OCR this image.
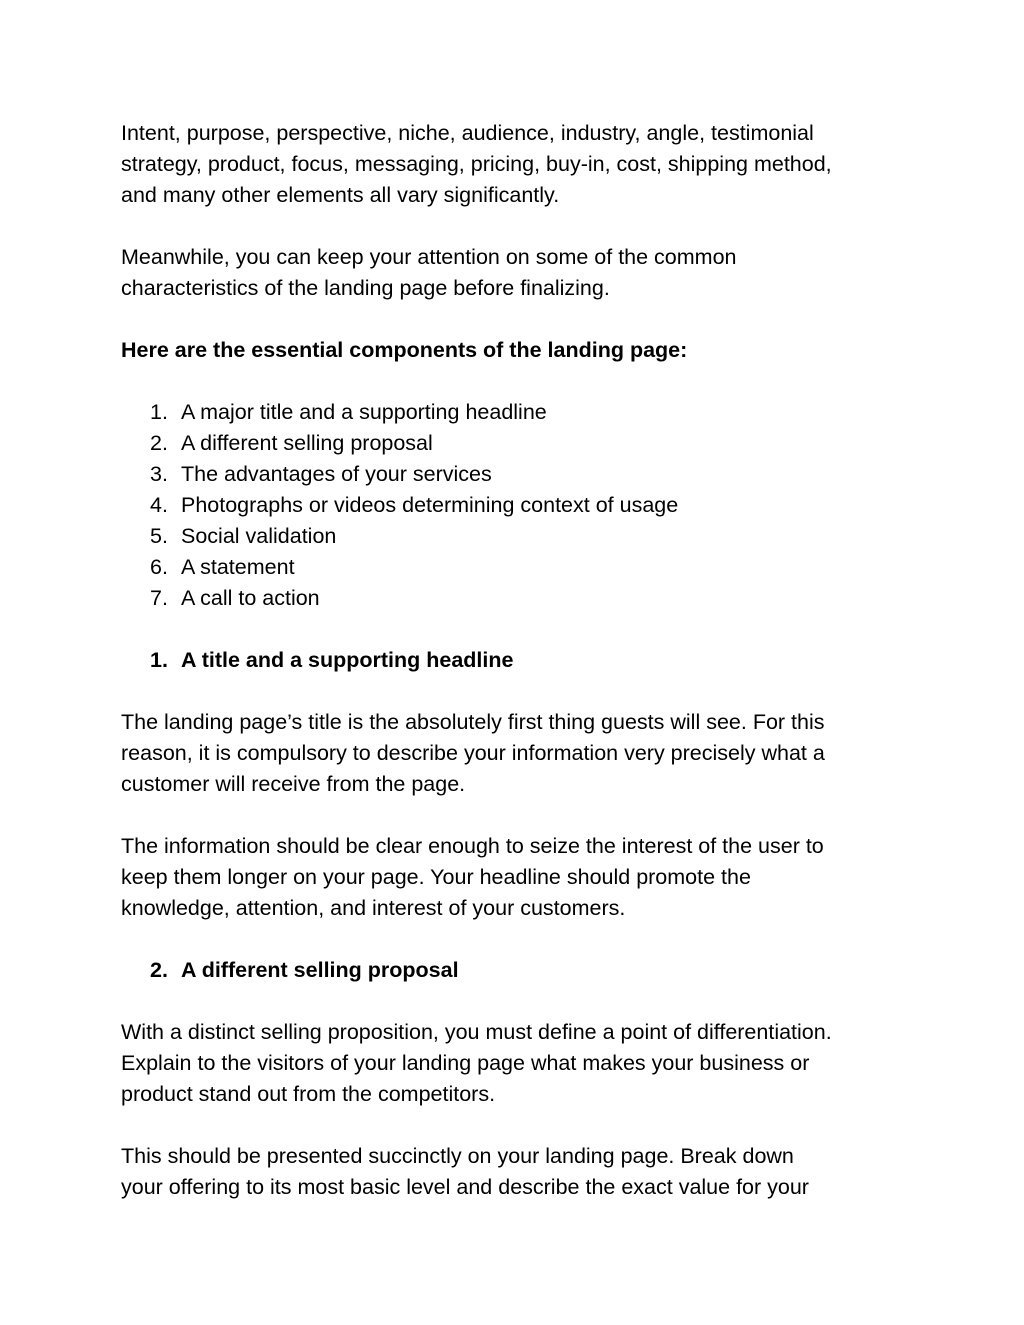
Intent, purpose, perspective, niche, audience, industry, angle, testimonial
strategy, product, focus, messaging, pricing, buy-in, cost, shipping method,
and many other elements all vary significantly.

Meanwhile, you can keep your attention on some of the common
characteristics of the landing page before finalizing.

Here are the essential components of the landing page:

1. A major title and a supporting headline
2. A different selling proposal
3. The advantages of your services
4. Photographs or videos determining context of usage
5. Social validation
6. A statement
7. A call to action
1. A title and a supporting headline

The landing page’s title is the absolutely first thing guests will see. For this
reason, it is compulsory to describe your information very precisely what a
customer will receive from the page.

The information should be clear enough to seize the interest of the user to
keep them longer on your page. Your headline should promote the
knowledge, attention, and interest of your customers.

2. A different selling proposal

With a distinct selling proposition, you must define a point of differentiation.
Explain to the visitors of your landing page what makes your business or
product stand out from the competitors.

This should be presented succinctly on your landing page. Break down
your offering to its most basic level and describe the exact value for your
